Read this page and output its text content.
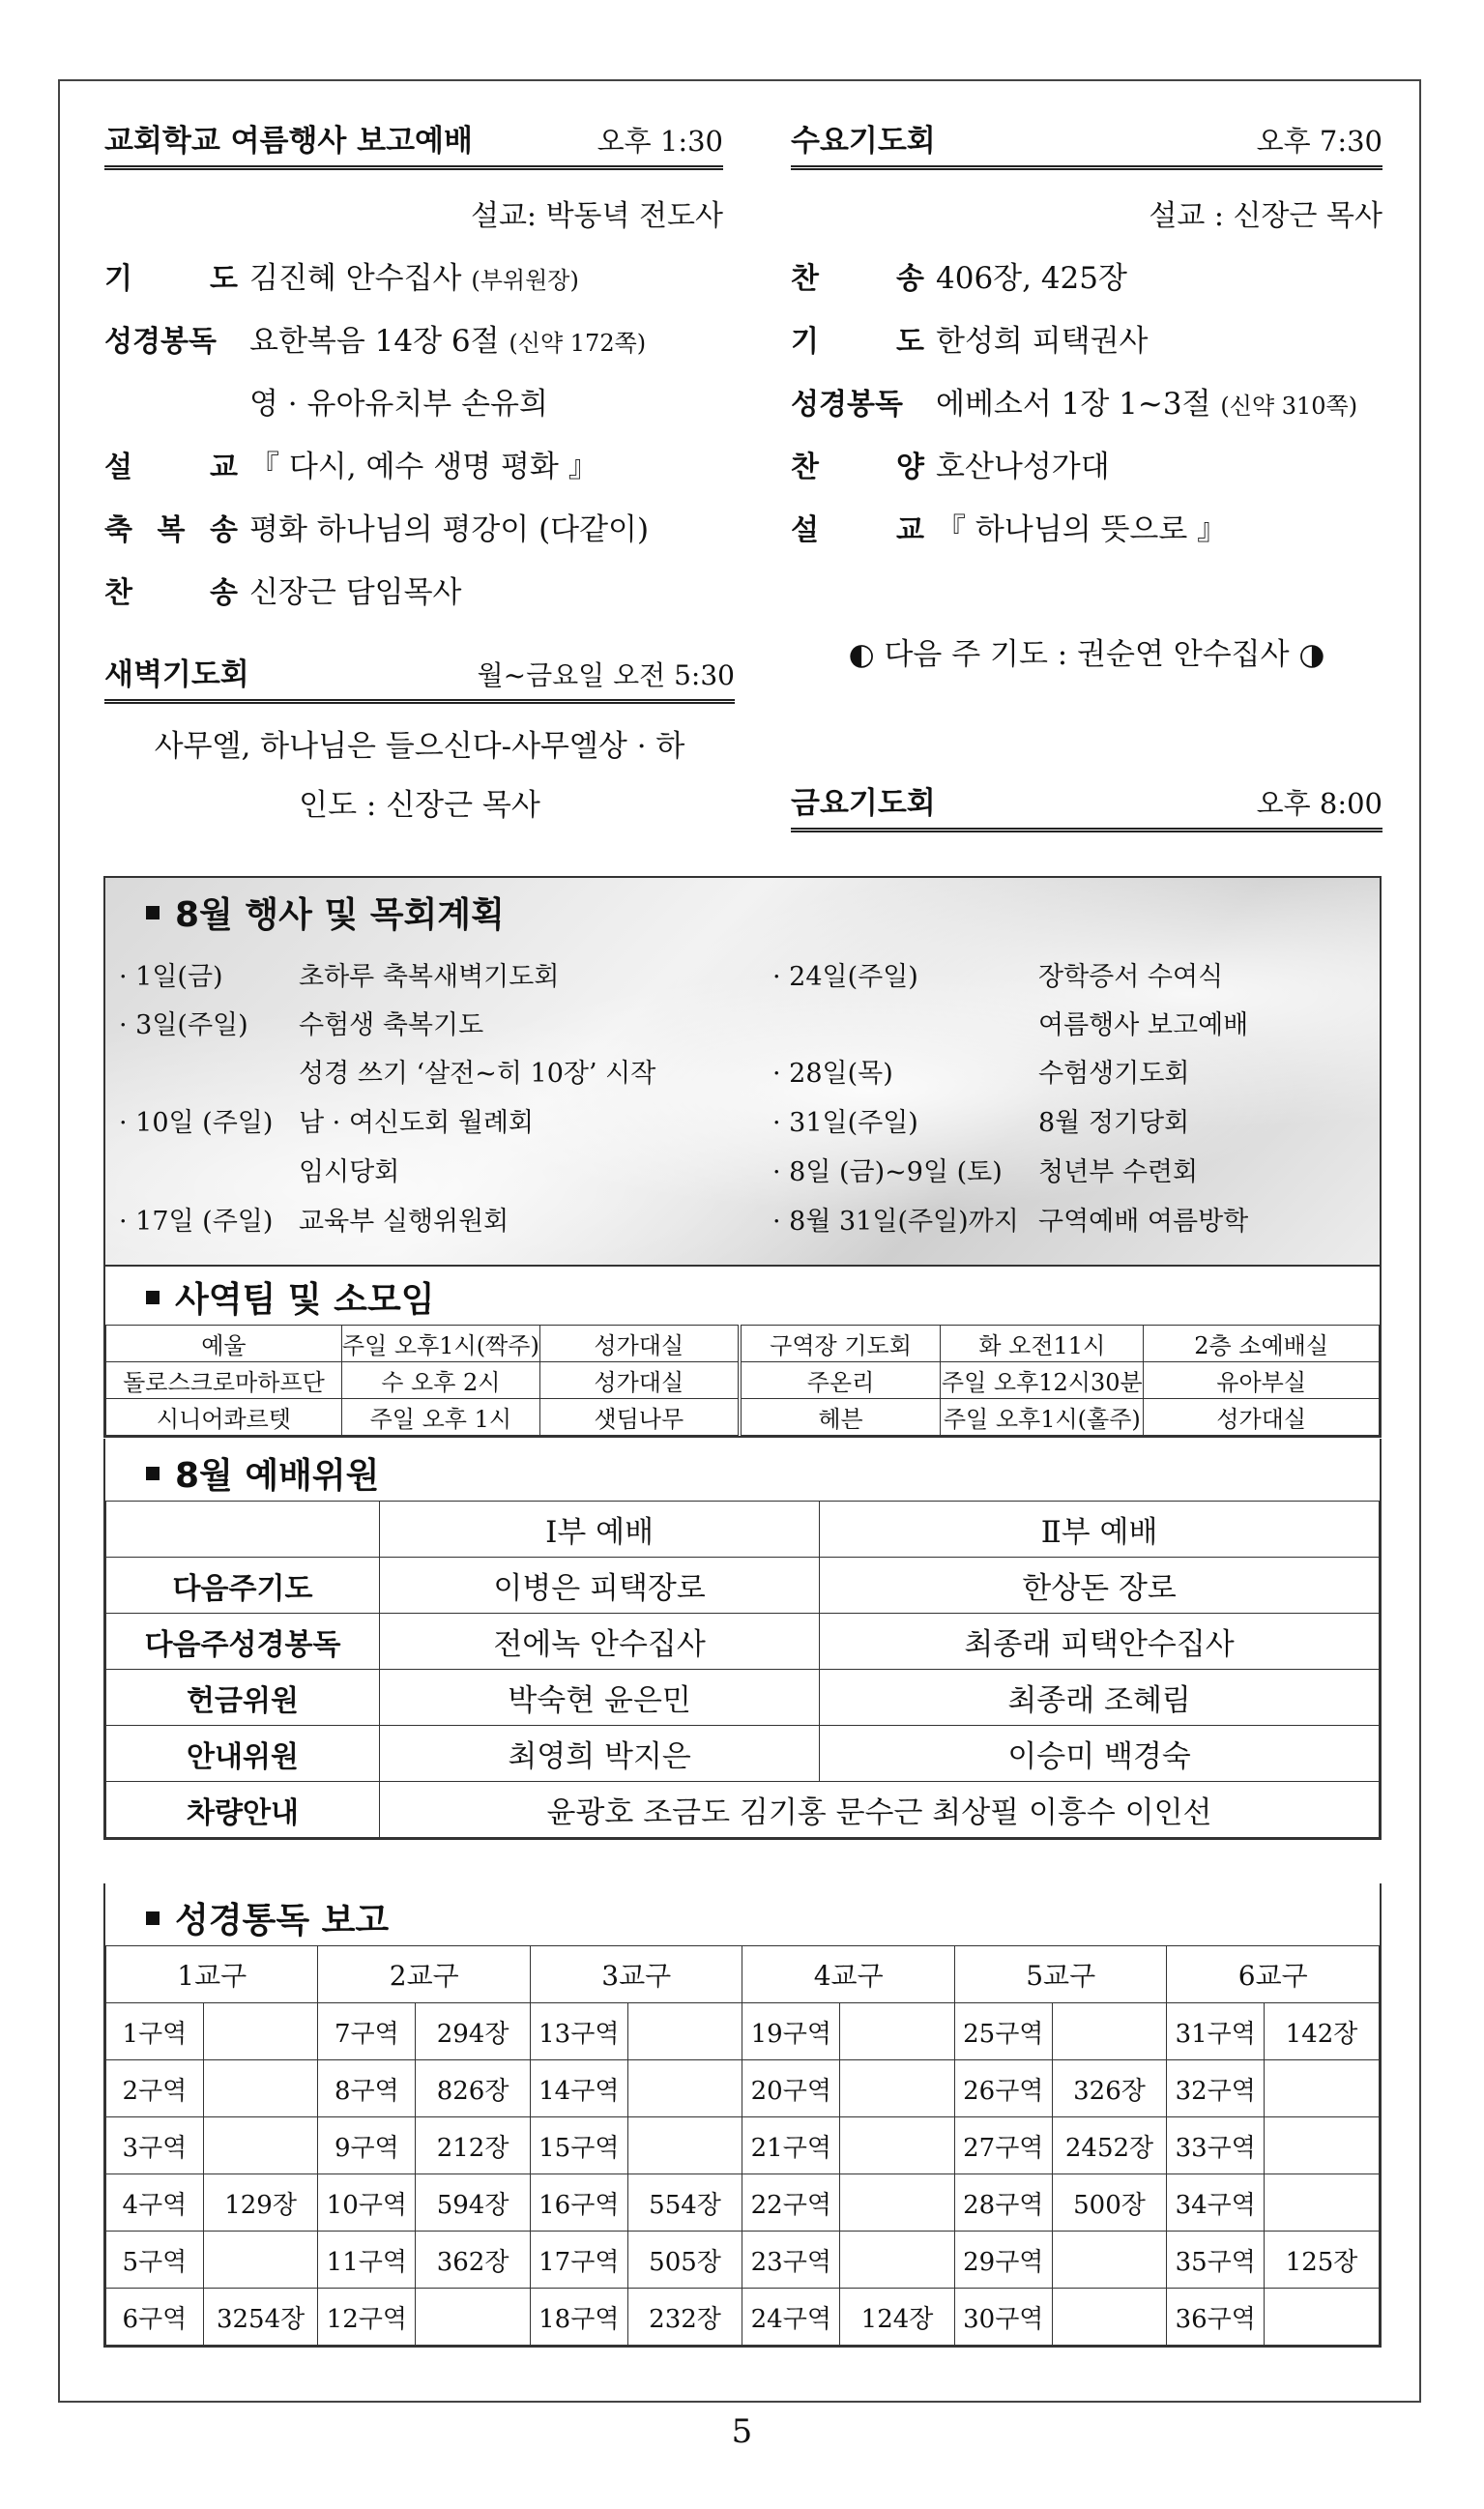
교회학교 여름행사 보고예배	오후 1:30
설교: 박동녁 전도사
기	도 김진혜 안수집사 (부위원장)
성경봉독 요한복음 14장 6절 (신약 172쪽)
영 · 유아유치부 손유희
설	교 『 다시, 예수 생명 평화 』
축 복 송 평화 하나님의 평강이 (다같이)
찬	송 신장근 담임목사
새벽기도회	월~금요일 오전 5:30
사무엘, 하나님은 들으신다-사무엘상 · 하
인도 : 신장근 목사
수요기도회	오후 7:30
설교 : 신장근 목사
찬	송 406장, 425장
기	도 한성희 피택권사
성경봉독 에베소서 1장 1~3절 (신약 310쪽)
찬	양 호산나성가대
설	교 『 하나님의 뜻으로 』
◐ 다음 주 기도 : 권순연 안수집사 ◑
금요기도회	오후 8:00
8월 행사 및 목회계획
· 1일(금)	초하루 축복새벽기도회
· 3일(주일) 수험생 축복기도
성경 쓰기 ‘살전~히 10장’ 시작
· 10일 (주일) 남 · 여신도회 월례회
임시당회
· 17일 (주일) 교육부 실행위원회
· 24일(주일)	장학증서 수여식
여름행사 보고예배
· 28일(목)	수험생기도회
· 31일(주일)	8월 정기당회
· 8일 (금)~9일 (토) 청년부 수련회
· 8월 31일(주일)까지 구역예배 여름방학
사역팀 및 소모임
예울	주일 오후1시(짝주)	성가대실	구역장 기도회	화 오전11시	2층 소예배실
돌로스크로마하프단	수 오후 2시	성가대실	주온리	주일 오후12시30분	유아부실
시니어콰르텟	주일 오후 1시	샛딤나무	헤븐	주일 오후1시(홀주)	성가대실
8월 예배위원
	Ⅰ부 예배	Ⅱ부 예배
다음주기도	이병은 피택장로	한상돈 장로
다음주성경봉독	전에녹 안수집사	최종래 피택안수집사
헌금위원	박숙현 윤은민	최종래 조혜림
안내위원	최영희 박지은	이승미 백경숙
차량안내	윤광호 조금도 김기홍 문수근 최상필 이흥수 이인선	
성경통독 보고
1교구		2교구		3교구		4교구		5교구		6교구	
1구역		7구역	294장	13구역		19구역		25구역		31구역	142장
2구역		8구역	826장	14구역		20구역		26구역	326장	32구역	
3구역		9구역	212장	15구역		21구역		27구역	2452장	33구역	
4구역	129장	10구역	594장	16구역	554장	22구역		28구역	500장	34구역	
5구역		11구역	362장	17구역	505장	23구역		29구역		35구역	125장
6구역	3254장	12구역		18구역	232장	24구역	124장	30구역		36구역	
5
